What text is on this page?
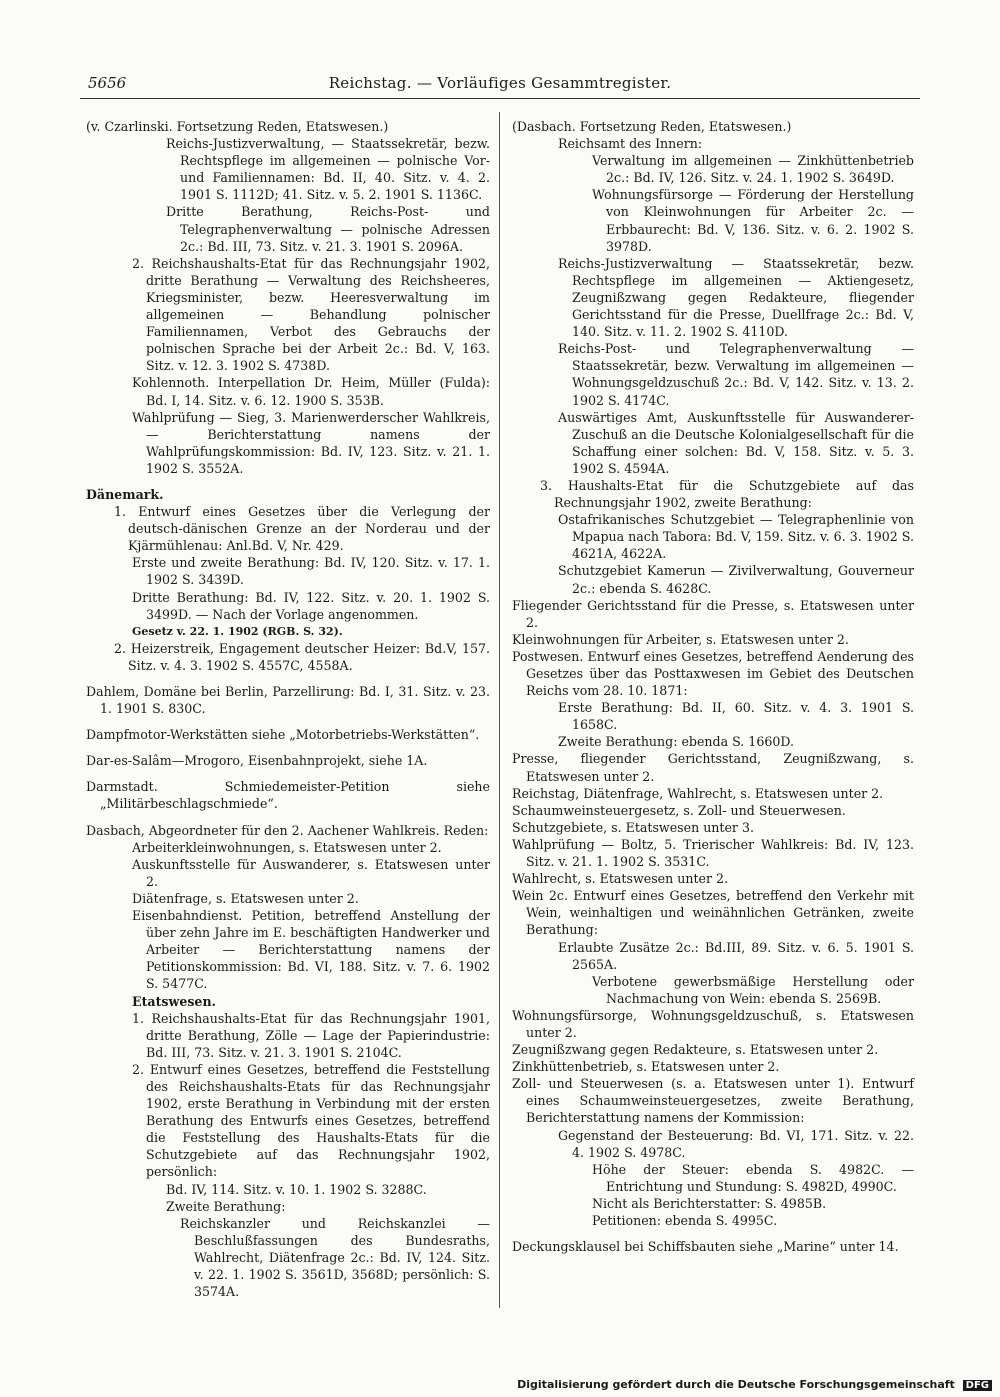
5656	Reichstag. — Vorläufiges Gesammtregister.

(v. Czarlinski. Fortsetzung Reden, Etatswesen.)

Reichs-Justizverwaltung, — Staatssekretär, bezw. Rechtspflege im allgemeinen — polnische Vor- und Familiennamen: Bd. II, 40. Sitz. v. 4. 2. 1901 S. 1112D; 41. Sitz. v. 5. 2. 1901 S. 1136C.

Dritte Berathung, Reichs-Post- und Telegraphenverwaltung — polnische Adressen 2c.: Bd. III, 73. Sitz. v. 21. 3. 1901 S. 2096A.

2. Reichshaushalts-Etat für das Rechnungsjahr 1902, dritte Berathung — Verwaltung des Reichsheeres, Kriegsminister, bezw. Heeresverwaltung im allgemeinen — Behandlung polnischer Familiennamen, Verbot des Gebrauchs der polnischen Sprache bei der Arbeit 2c.: Bd. V, 163. Sitz. v. 12. 3. 1902 S. 4738D.

Kohlennoth. Interpellation Dr. Heim, Müller (Fulda): Bd. I, 14. Sitz. v. 6. 12. 1900 S. 353B.

Wahlprüfung — Sieg, 3. Marienwerderscher Wahlkreis, — Berichterstattung namens der Wahlprüfungskommission: Bd. IV, 123. Sitz. v. 21. 1. 1902 S. 3552A.

Dänemark.

1. Entwurf eines Gesetzes über die Verlegung der deutsch-dänischen Grenze an der Norderau und der Kjärmühlenau: Anl.Bd. V, Nr. 429.

Erste und zweite Berathung: Bd. IV, 120. Sitz. v. 17. 1. 1902 S. 3439D.

Dritte Berathung: Bd. IV, 122. Sitz. v. 20. 1. 1902 S. 3499D. — Nach der Vorlage angenommen.

Gesetz v. 22. 1. 1902 (RGB. S. 32).

2. Heizerstreik, Engagement deutscher Heizer: Bd.V, 157. Sitz. v. 4. 3. 1902 S. 4557C, 4558A.

Dahlem, Domäne bei Berlin, Parzellirung: Bd. I, 31. Sitz. v. 23. 1. 1901 S. 830C.

Dampfmotor-Werkstätten siehe „Motorbetriebs-Werkstätten“.

Dar-es-Salâm—Mrogoro, Eisenbahnprojekt, siehe 1A.

Darmstadt. Schmiedemeister-Petition siehe „Militärbeschlagschmiede“.

Dasbach, Abgeordneter für den 2. Aachener Wahlkreis. Reden:

Arbeiterkleinwohnungen, s. Etatswesen unter 2.

Auskunftsstelle für Auswanderer, s. Etatswesen unter 2.

Diätenfrage, s. Etatswesen unter 2.

Eisenbahndienst. Petition, betreffend Anstellung der über zehn Jahre im E. beschäftigten Handwerker und Arbeiter — Berichterstattung namens der Petitionskommission: Bd. VI, 188. Sitz. v. 7. 6. 1902 S. 5477C.

Etatswesen.

1. Reichshaushalts-Etat für das Rechnungsjahr 1901, dritte Berathung, Zölle — Lage der Papierindustrie: Bd. III, 73. Sitz. v. 21. 3. 1901 S. 2104C.

2. Entwurf eines Gesetzes, betreffend die Feststellung des Reichshaushalts-Etats für das Rechnungsjahr 1902, erste Berathung in Verbindung mit der ersten Berathung des Entwurfs eines Gesetzes, betreffend die Feststellung des Haushalts-Etats für die Schutzgebiete auf das Rechnungsjahr 1902, persönlich:

Bd. IV, 114. Sitz. v. 10. 1. 1902 S. 3288C.

Zweite Berathung:

Reichskanzler und Reichskanzlei — Beschlußfassungen des Bundesraths, Wahlrecht, Diätenfrage 2c.: Bd. IV, 124. Sitz. v. 22. 1. 1902 S. 3561D, 3568D; persönlich: S. 3574A.

(Dasbach. Fortsetzung Reden, Etatswesen.)

Reichsamt des Innern:

Verwaltung im allgemeinen — Zinkhüttenbetrieb 2c.: Bd. IV, 126. Sitz. v. 24. 1. 1902 S. 3649D.

Wohnungsfürsorge — Förderung der Herstellung von Kleinwohnungen für Arbeiter 2c. — Erbbaurecht: Bd. V, 136. Sitz. v. 6. 2. 1902 S. 3978D.

Reichs-Justizverwaltung — Staatssekretär, bezw. Rechtspflege im allgemeinen — Aktiengesetz, Zeugnißzwang gegen Redakteure, fliegender Gerichtsstand für die Presse, Duellfrage 2c.: Bd. V, 140. Sitz. v. 11. 2. 1902 S. 4110D.

Reichs-Post- und Telegraphenverwaltung — Staatssekretär, bezw. Verwaltung im allgemeinen — Wohnungsgeldzuschuß 2c.: Bd. V, 142. Sitz. v. 13. 2. 1902 S. 4174C.

Auswärtiges Amt, Auskunftsstelle für Auswanderer-Zuschuß an die Deutsche Kolonialgesellschaft für die Schaffung einer solchen: Bd. V, 158. Sitz. v. 5. 3. 1902 S. 4594A.

3. Haushalts-Etat für die Schutzgebiete auf das Rechnungsjahr 1902, zweite Berathung:

Ostafrikanisches Schutzgebiet — Telegraphenlinie von Mpapua nach Tabora: Bd. V, 159. Sitz. v. 6. 3. 1902 S. 4621A, 4622A.

Schutzgebiet Kamerun — Zivilverwaltung, Gouverneur 2c.: ebenda S. 4628C.

Fliegender Gerichtsstand für die Presse, s. Etatswesen unter 2.

Kleinwohnungen für Arbeiter, s. Etatswesen unter 2.

Postwesen. Entwurf eines Gesetzes, betreffend Aenderung des Gesetzes über das Posttaxwesen im Gebiet des Deutschen Reichs vom 28. 10. 1871:

Erste Berathung: Bd. II, 60. Sitz. v. 4. 3. 1901 S. 1658C.

Zweite Berathung: ebenda S. 1660D.

Presse, fliegender Gerichtsstand, Zeugnißzwang, s. Etatswesen unter 2.

Reichstag, Diätenfrage, Wahlrecht, s. Etatswesen unter 2.

Schaumweinsteuergesetz, s. Zoll- und Steuerwesen.

Schutzgebiete, s. Etatswesen unter 3.

Wahlprüfung — Boltz, 5. Trierischer Wahlkreis: Bd. IV, 123. Sitz. v. 21. 1. 1902 S. 3531C.

Wahlrecht, s. Etatswesen unter 2.

Wein 2c. Entwurf eines Gesetzes, betreffend den Verkehr mit Wein, weinhaltigen und weinähnlichen Getränken, zweite Berathung:

Erlaubte Zusätze 2c.: Bd.III, 89. Sitz. v. 6. 5. 1901 S. 2565A.

Verbotene gewerbsmäßige Herstellung oder Nachmachung von Wein: ebenda S. 2569B.

Wohnungsfürsorge, Wohnungsgeldzuschuß, s. Etatswesen unter 2.

Zeugnißzwang gegen Redakteure, s. Etatswesen unter 2.

Zinkhüttenbetrieb, s. Etatswesen unter 2.

Zoll- und Steuerwesen (s. a. Etatswesen unter 1). Entwurf eines Schaumweinsteuergesetzes, zweite Berathung, Berichterstattung namens der Kommission:

Gegenstand der Besteuerung: Bd. VI, 171. Sitz. v. 22. 4. 1902 S. 4978C.

Höhe der Steuer: ebenda S. 4982C. — Entrichtung und Stundung: S. 4982D, 4990C.

Nicht als Berichterstatter: S. 4985B.

Petitionen: ebenda S. 4995C.

Deckungsklausel bei Schiffsbauten siehe „Marine“ unter 14.

Digitalisierung gefördert durch die Deutsche Forschungsgemeinschaft DFG
